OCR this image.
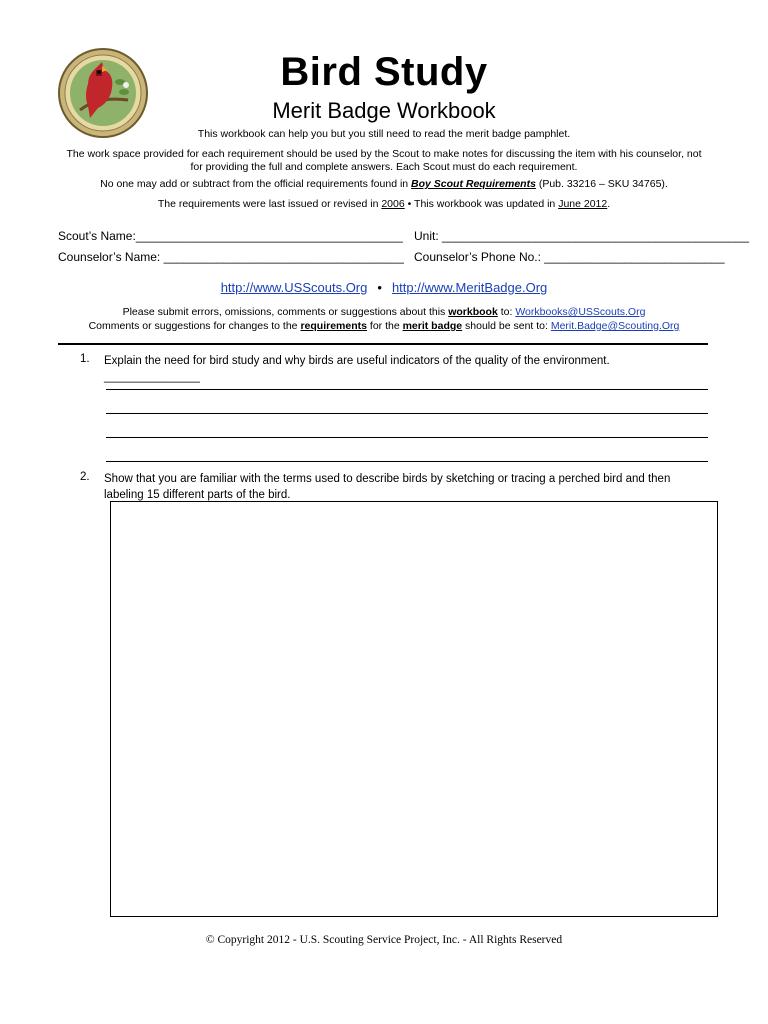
Bird Study
Merit Badge Workbook
This workbook can help you but you still need to read the merit badge pamphlet.
The work space provided for each requirement should be used by the Scout to make notes for discussing the item with his counselor, not for providing the full and complete answers. Each Scout must do each requirement.
No one may add or subtract from the official requirements found in Boy Scout Requirements (Pub. 33216 – SKU 34765).
The requirements were last issued or revised in 2006 • This workbook was updated in June 2012.
Scout’s Name:________________________________________ Unit: ______________________________________________
Counselor’s Name: ____________________________________ Counselor’s Phone No.: ___________________________
http://www.USScouts.Org • http://www.MeritBadge.Org
Please submit errors, omissions, comments or suggestions about this workbook to: Workbooks@USScouts.Org
Comments or suggestions for changes to the requirements for the merit badge should be sent to: Merit.Badge@Scouting.Org
1. Explain the need for bird study and why birds are useful indicators of the quality of the environment. _______________
2. Show that you are familiar with the terms used to describe birds by sketching or tracing a perched bird and then labeling 15 different parts of the bird.
© Copyright 2012 - U.S. Scouting Service Project, Inc. - All Rights Reserved
